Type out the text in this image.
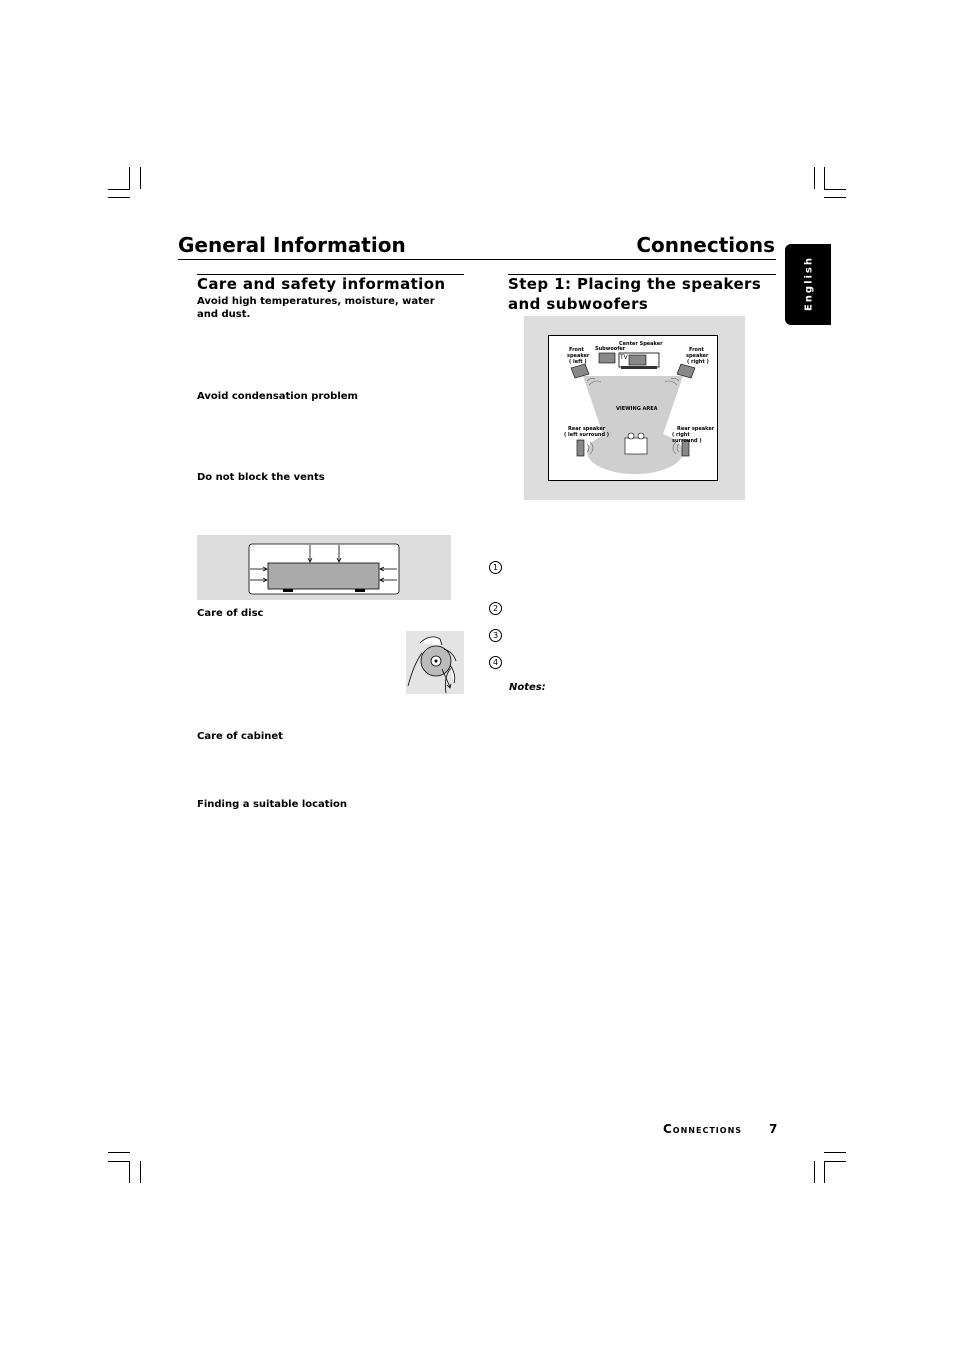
General Information	Connections
English
Care and safety information
Avoid high temperatures, moisture, water and dust.
Avoid condensation problem
Do not block the vents
Care of disc
Care of cabinet
Finding a suitable location
Step 1: Placing the speakers
and subwoofers
Center Speaker
Subwoofer
TV
Front
speaker
( left )
Front
speaker
( right )
VIEWING AREA
Rear speaker
( left surround )
Rear speaker
( right surround )
1
2
3
4
Notes:
Connections 7
